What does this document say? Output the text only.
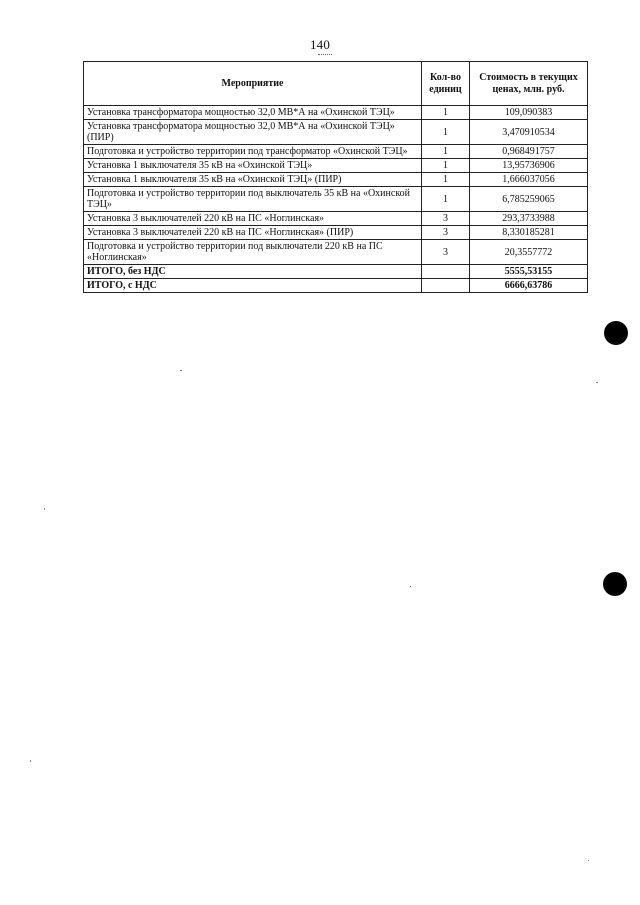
140
Мероприятие	Кол-во единиц	Стоимость в текущих ценах, млн. руб.
Установка трансформатора мощностью 32,0 МВ*А на «Охинской ТЭЦ»	1	109,090383
Установка трансформатора мощностью 32,0 МВ*А на «Охинской ТЭЦ» (ПИР)	1	3,470910534
Подготовка и устройство территории под трансформатор «Охинской ТЭЦ»	1	0,968491757
Установка 1 выключателя 35 кВ на «Охинской ТЭЦ»	1	13,95736906
Установка 1 выключателя 35 кВ на «Охинской ТЭЦ» (ПИР)	1	1,666037056
Подготовка и устройство территории под выключатель 35 кВ на «Охинской ТЭЦ»	1	6,785259065
Установка 3 выключателей 220 кВ на ПС «Ноглинская»	3	293,3733988
Установка 3 выключателей 220 кВ на ПС «Ноглинская» (ПИР)	3	8,330185281
Подготовка и устройство территории под выключатели 220 кВ на ПС «Ноглинская»	3	20,3557772
ИТОГО, без НДС		5555,53155
ИТОГО, с НДС		6666,63786
